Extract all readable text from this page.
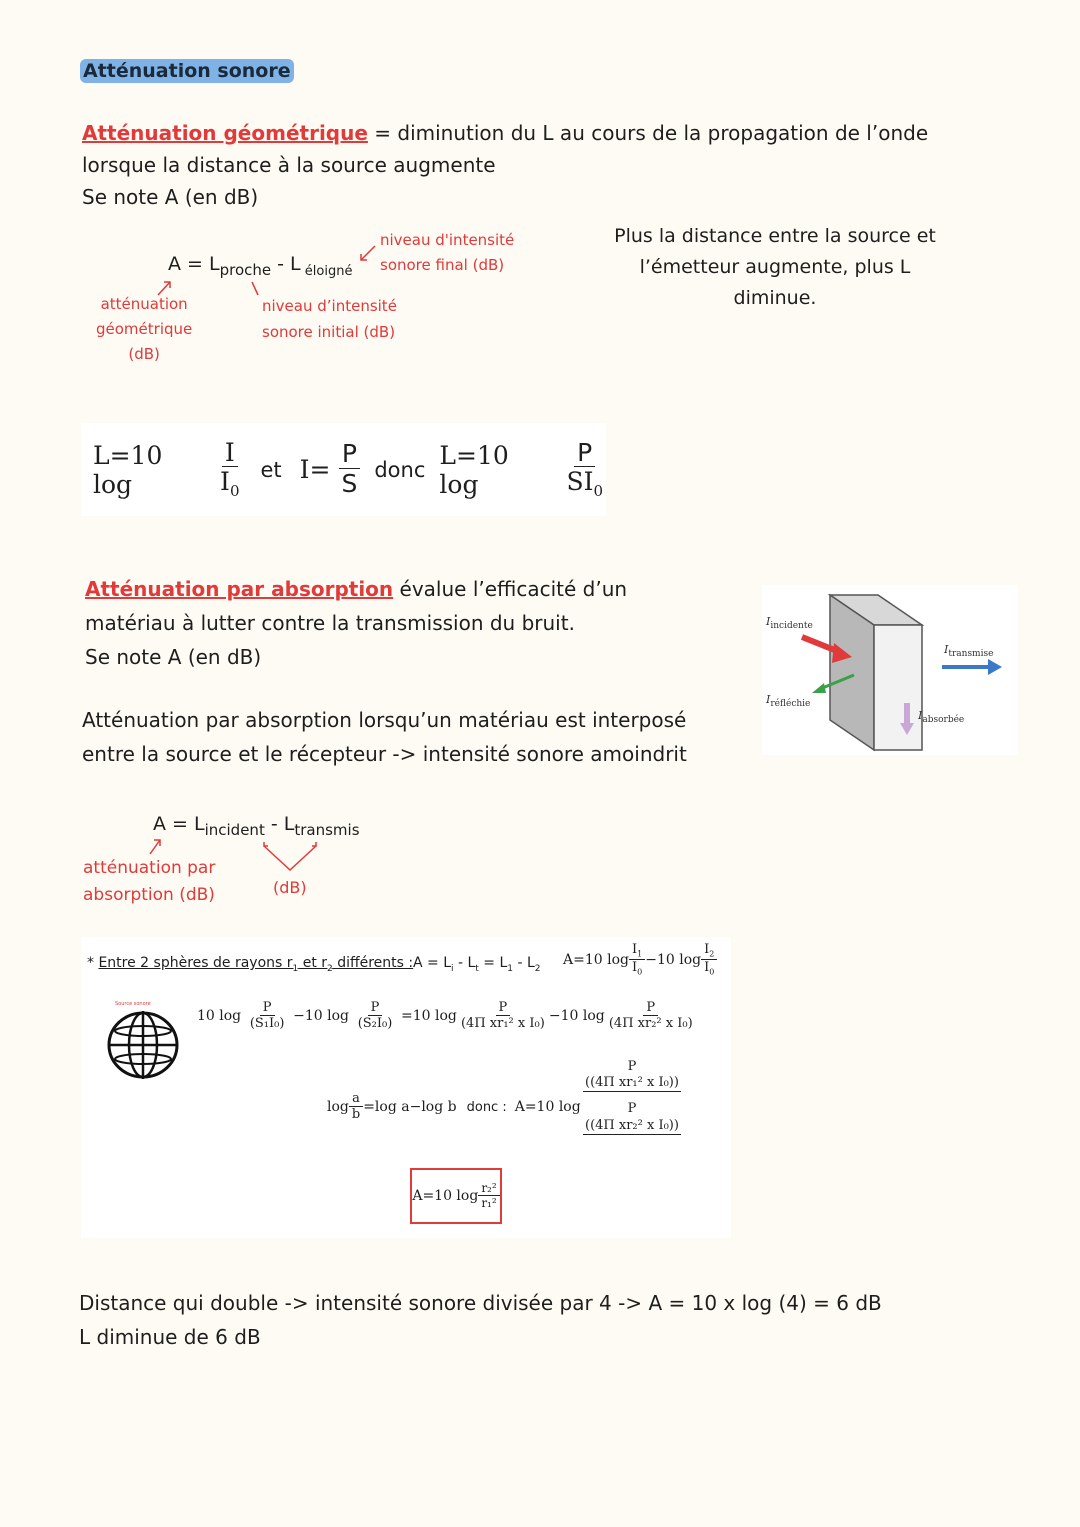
Atténuation sonore
Atténuation géométrique = diminution du L au cours de la propagation de l’onde
lorsque la distance à la source augmente
Se note A (en dB)
$A = L_{proche} - L$ $_{éloigné}$
niveau d'intensité
sonore final (dB)
atténuation
géométrique
(dB)
niveau d’intensité
sonore initial (dB)
Plus la distance entre la source et
l’émetteur augmente, plus L
diminue.
L=10 log	$\frac{I}{I_0}$ et $I= \frac{P}{S}$ donc L=10 log	$\frac{P}{SI_0}$
Atténuation par absorption évalue l’efficacité d’un
matériau à lutter contre la transmission du bruit.
Se note A (en dB)
Atténuation par absorption lorsqu’un matériau est interposé
entre la source et le récepteur -> intensité sonore amoindrit
$I_{incidente}$
$I_{transmise}$
$I_{réfléchie}$
$I_{absorbée}$
$A = L_{incident} - L_{transmis}$
atténuation par
absorption (dB)	(dB)
* Entre 2 sphères de rayons $r_1$ et $r_2$ différents : $A = L_i - L_t = L_1 - L_2$
A=10 $\log \frac{I_1}{I_0} -10$ $\log \frac{I_2}{I_0}$
Source sonore
10 $\log \frac{P}{\text{(S₁I₀)}} -10$ $\log \frac{P}{\text{(S₂I₀)}} =10$ $\log \frac{P}{\text{(4Π xr₁² x I₀)}} -10$ $\log \frac{P}{\text{(4Π xr₂² x I₀)}}$
$\log \frac{a}{b} =\log$ a−log b donc : A=10 log
P
((4Π xr₁² x I₀))
P
((4Π xr₂² x I₀))
A=10 $\log \frac{\text{r₂²}}{\text{r₁²}}$
Distance qui double -> intensité sonore divisée par 4 -> A = 10 x log (4) = 6 dB
L diminue de 6 dB
